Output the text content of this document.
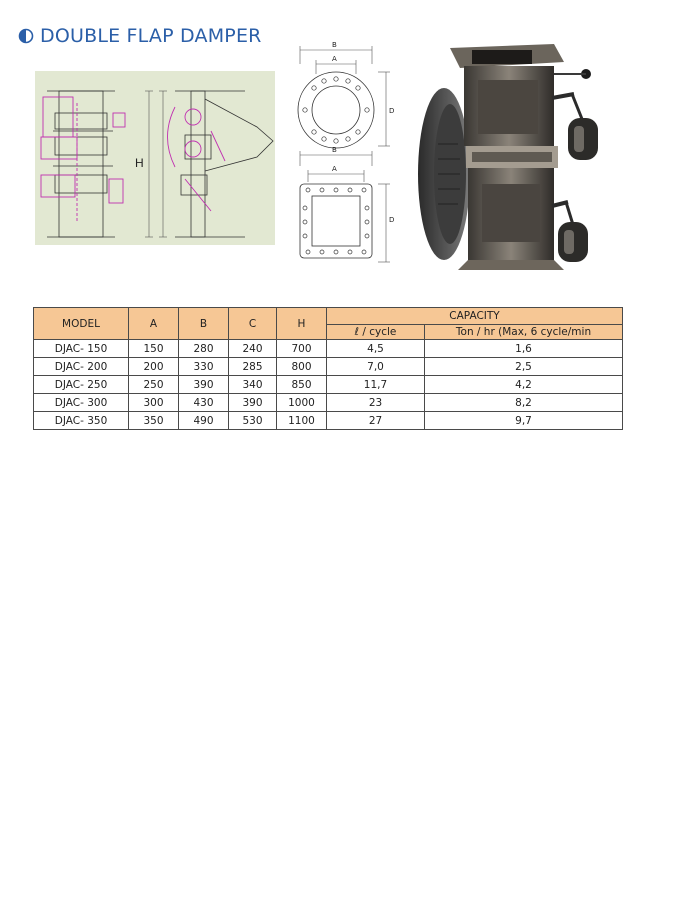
DOUBLE FLAP DAMPER
H
B
A
D
B
A
D
MODEL	A	B	C	H	CAPACITY	
					ℓ / cycle	Ton / hr (Max, 6 cycle/min
DJAC- 150	150	280	240	700	4,5	1,6
DJAC- 200	200	330	285	800	7,0	2,5
DJAC- 250	250	390	340	850	11,7	4,2
DJAC- 300	300	430	390	1000	23	8,2
DJAC- 350	350	490	530	1100	27	9,7
